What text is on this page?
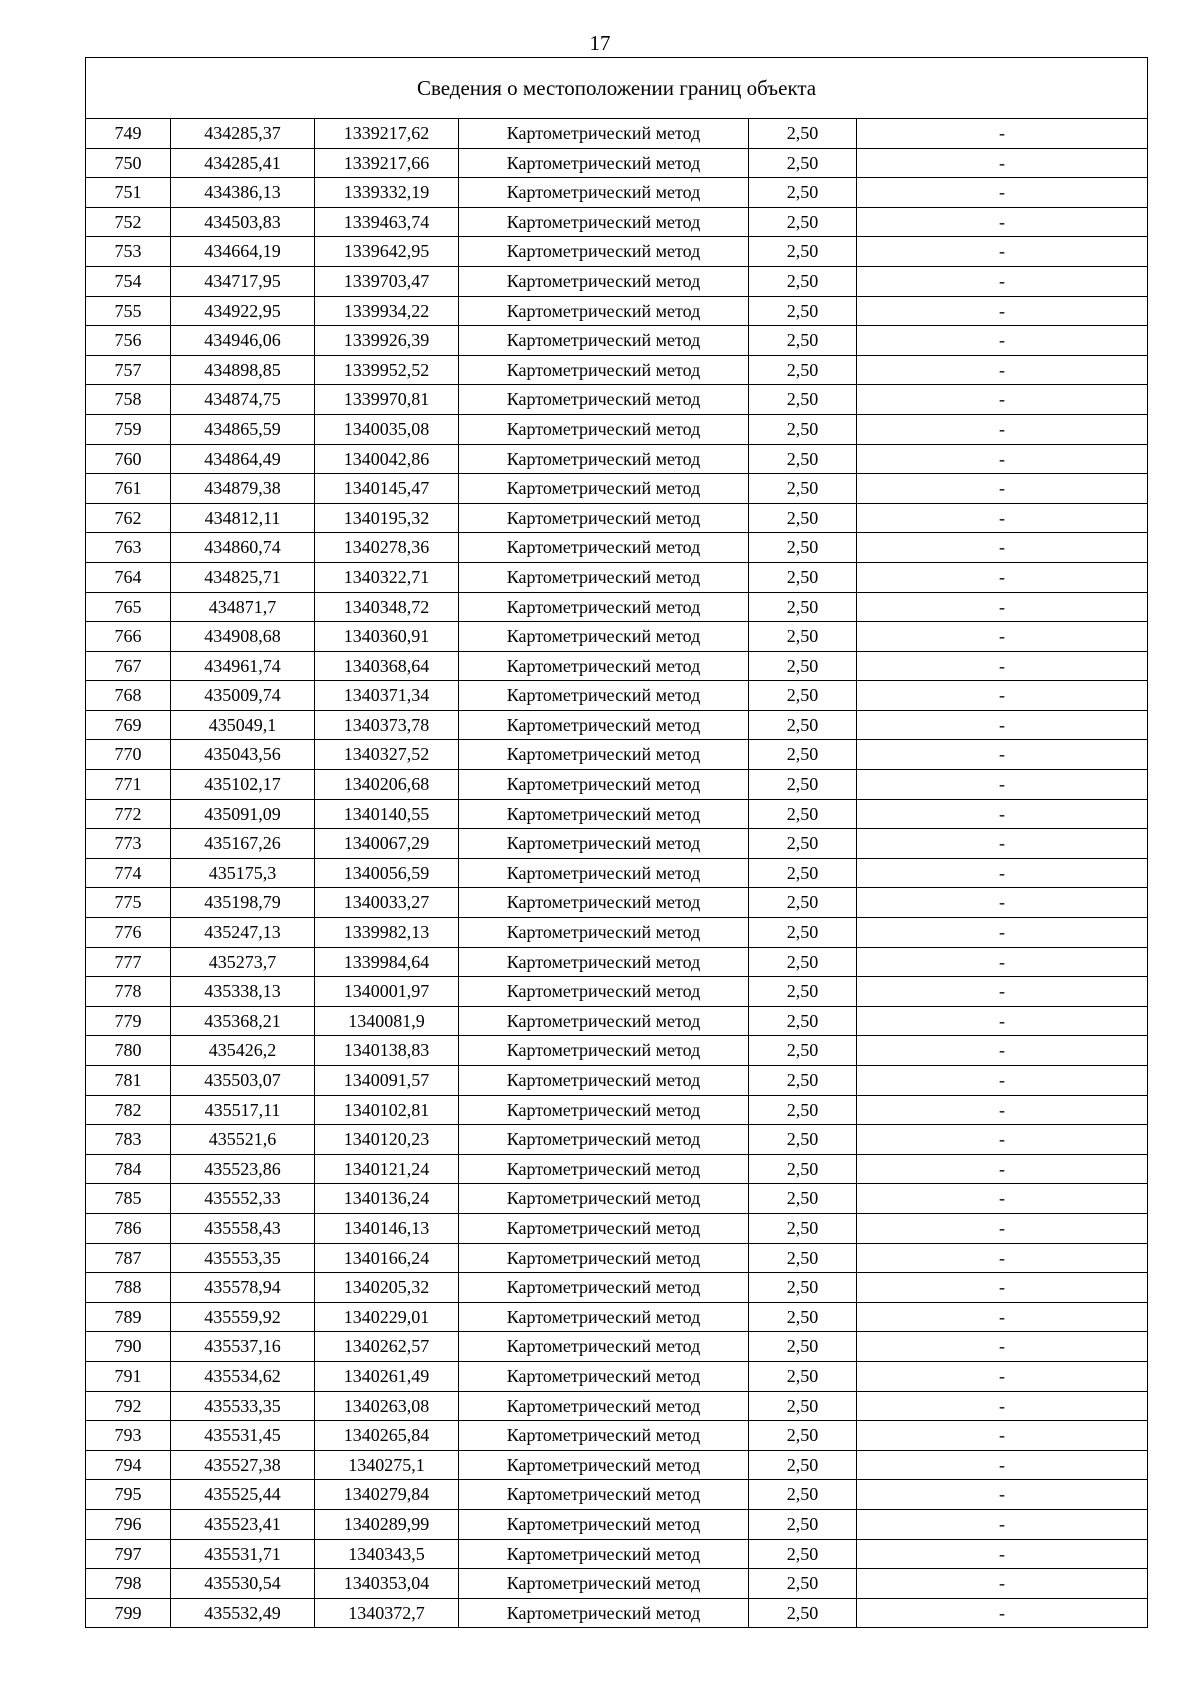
17
Сведения о местоположении границ объекта					
749	434285,37	1339217,62	Картометрический метод	2,50	-
750	434285,41	1339217,66	Картометрический метод	2,50	-
751	434386,13	1339332,19	Картометрический метод	2,50	-
752	434503,83	1339463,74	Картометрический метод	2,50	-
753	434664,19	1339642,95	Картометрический метод	2,50	-
754	434717,95	1339703,47	Картометрический метод	2,50	-
755	434922,95	1339934,22	Картометрический метод	2,50	-
756	434946,06	1339926,39	Картометрический метод	2,50	-
757	434898,85	1339952,52	Картометрический метод	2,50	-
758	434874,75	1339970,81	Картометрический метод	2,50	-
759	434865,59	1340035,08	Картометрический метод	2,50	-
760	434864,49	1340042,86	Картометрический метод	2,50	-
761	434879,38	1340145,47	Картометрический метод	2,50	-
762	434812,11	1340195,32	Картометрический метод	2,50	-
763	434860,74	1340278,36	Картометрический метод	2,50	-
764	434825,71	1340322,71	Картометрический метод	2,50	-
765	434871,7	1340348,72	Картометрический метод	2,50	-
766	434908,68	1340360,91	Картометрический метод	2,50	-
767	434961,74	1340368,64	Картометрический метод	2,50	-
768	435009,74	1340371,34	Картометрический метод	2,50	-
769	435049,1	1340373,78	Картометрический метод	2,50	-
770	435043,56	1340327,52	Картометрический метод	2,50	-
771	435102,17	1340206,68	Картометрический метод	2,50	-
772	435091,09	1340140,55	Картометрический метод	2,50	-
773	435167,26	1340067,29	Картометрический метод	2,50	-
774	435175,3	1340056,59	Картометрический метод	2,50	-
775	435198,79	1340033,27	Картометрический метод	2,50	-
776	435247,13	1339982,13	Картометрический метод	2,50	-
777	435273,7	1339984,64	Картометрический метод	2,50	-
778	435338,13	1340001,97	Картометрический метод	2,50	-
779	435368,21	1340081,9	Картометрический метод	2,50	-
780	435426,2	1340138,83	Картометрический метод	2,50	-
781	435503,07	1340091,57	Картометрический метод	2,50	-
782	435517,11	1340102,81	Картометрический метод	2,50	-
783	435521,6	1340120,23	Картометрический метод	2,50	-
784	435523,86	1340121,24	Картометрический метод	2,50	-
785	435552,33	1340136,24	Картометрический метод	2,50	-
786	435558,43	1340146,13	Картометрический метод	2,50	-
787	435553,35	1340166,24	Картометрический метод	2,50	-
788	435578,94	1340205,32	Картометрический метод	2,50	-
789	435559,92	1340229,01	Картометрический метод	2,50	-
790	435537,16	1340262,57	Картометрический метод	2,50	-
791	435534,62	1340261,49	Картометрический метод	2,50	-
792	435533,35	1340263,08	Картометрический метод	2,50	-
793	435531,45	1340265,84	Картометрический метод	2,50	-
794	435527,38	1340275,1	Картометрический метод	2,50	-
795	435525,44	1340279,84	Картометрический метод	2,50	-
796	435523,41	1340289,99	Картометрический метод	2,50	-
797	435531,71	1340343,5	Картометрический метод	2,50	-
798	435530,54	1340353,04	Картометрический метод	2,50	-
799	435532,49	1340372,7	Картометрический метод	2,50	-
